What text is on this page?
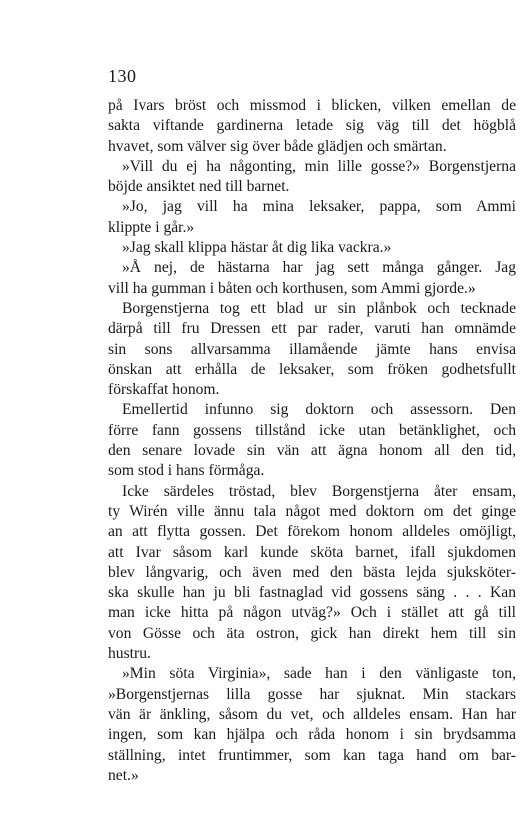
130
på Ivars bröst och missmod i blicken, vilken emellan de
sakta viftande gardinerna letade sig väg till det högblå
hvavet, som välver sig över både glädjen och smärtan.
»Vill du ej ha någonting, min lille gosse?» Borgenstjerna
böjde ansiktet ned till barnet.
»Jo, jag vill ha mina leksaker, pappa, som Ammi
klippte i går.»
»Jag skall klippa hästar åt dig lika vackra.»
»Å nej, de hästarna har jag sett många gånger. Jag
vill ha gumman i båten och korthusen, som Ammi gjorde.»
Borgenstjerna tog ett blad ur sin plånbok och tecknade
därpå till fru Dressen ett par rader, varuti han omnämde
sin sons allvarsamma illamående jämte hans envisa
önskan att erhålla de leksaker, som fröken godhetsfullt
förskaffat honom.
Emellertid infunno sig doktorn och assessorn. Den
förre fann gossens tillstånd icke utan betänklighet, och
den senare lovade sin vän att ägna honom all den tid,
som stod i hans förmåga.
Icke särdeles tröstad, blev Borgenstjerna åter ensam,
ty Wirén ville ännu tala något med doktorn om det ginge
an att flytta gossen. Det förekom honom alldeles omöjligt,
att Ivar såsom karl kunde sköta barnet, ifall sjukdomen
blev långvarig, och även med den bästa lejda sjuksköter-
ska skulle han ju bli fastnaglad vid gossens säng . . . Kan
man icke hitta på någon utväg?» Och i stället att gå till
von Gösse och äta ostron, gick han direkt hem till sin
hustru.
»Min söta Virginia», sade han i den vänligaste ton,
»Borgenstjernas lilla gosse har sjuknat. Min stackars
vän är änkling, såsom du vet, och alldeles ensam. Han har
ingen, som kan hjälpa och råda honom i sin brydsamma
ställning, intet fruntimmer, som kan taga hand om bar-
net.»
